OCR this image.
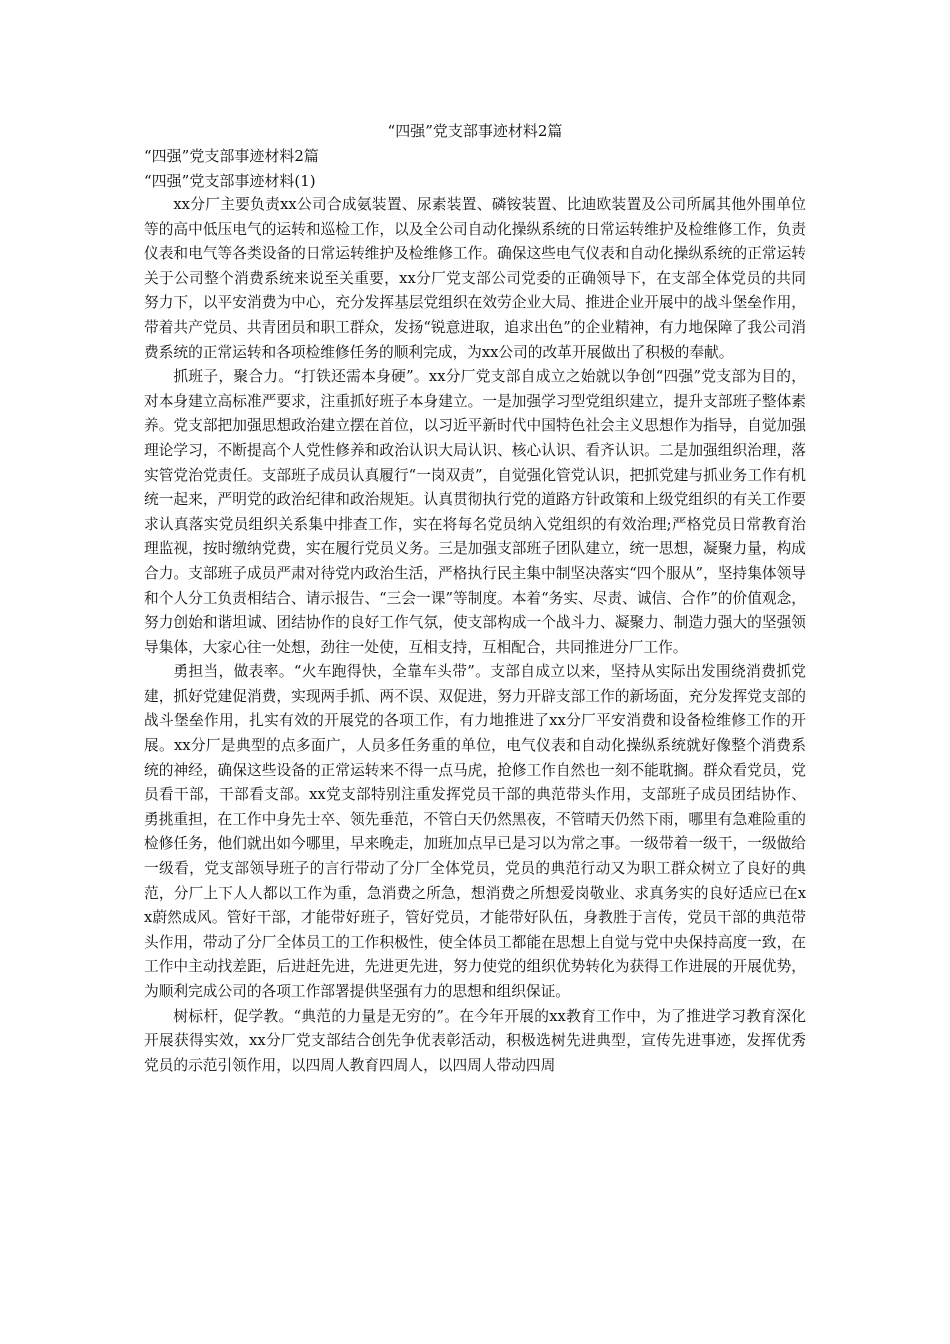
“四强”党支部事迹材料2篇
“四强”党支部事迹材料2篇
“四强”党支部事迹材料(1)

xx分厂主要负责xx公司合成氨装置、尿素装置、磷铵装置、比迪欧装置及公司所属其他外围单位等的高中低压电气的运转和巡检工作，以及全公司自动化操纵系统的日常运转维护及检维修工作，负责仪表和电气等各类设备的日常运转维护及检维修工作。确保这些电气仪表和自动化操纵系统的正常运转关于公司整个消费系统来说至关重要，xx分厂党支部公司党委的正确领导下，在支部全体党员的共同努力下，以平安消费为中心，充分发挥基层党组织在效劳企业大局、推进企业开展中的战斗堡垒作用，带着共产党员、共青团员和职工群众，发扬“锐意进取，追求出色”的企业精神，有力地保障了我公司消费系统的正常运转和各项检维修任务的顺利完成，为xx公司的改革开展做出了积极的奉献。

抓班子，聚合力。“打铁还需本身硬”。xx分厂党支部自成立之始就以争创“四强”党支部为目的，对本身建立高标准严要求，注重抓好班子本身建立。一是加强学习型党组织建立，提升支部班子整体素养。党支部把加强思想政治建立摆在首位，以习近平新时代中国特色社会主义思想作为指导，自觉加强理论学习，不断提高个人党性修养和政治认识大局认识、核心认识、看齐认识。二是加强组织治理，落实管党治党责任。支部班子成员认真履行“一岗双责”，自觉强化管党认识，把抓党建与抓业务工作有机统一起来，严明党的政治纪律和政治规矩。认真贯彻执行党的道路方针政策和上级党组织的有关工作要求认真落实党员组织关系集中排查工作，实在将每名党员纳入党组织的有效治理;严格党员日常教育治理监视，按时缴纳党费，实在履行党员义务。三是加强支部班子团队建立，统一思想，凝聚力量，构成合力。支部班子成员严肃对待党内政治生活，严格执行民主集中制坚决落实“四个服从”，坚持集体领导和个人分工负责相结合、请示报告、“三会一课”等制度。本着“务实、尽责、诚信、合作”的价值观念，努力创始和谐坦诚、团结协作的良好工作气氛，使支部构成一个战斗力、凝聚力、制造力强大的坚强领导集体，大家心往一处想，劲往一处使，互相支持，互相配合，共同推进分厂工作。

勇担当，做表率。“火车跑得快，全靠车头带”。支部自成立以来，坚持从实际出发围绕消费抓党建，抓好党建促消费，实现两手抓、两不误、双促进，努力开辟支部工作的新场面，充分发挥党支部的战斗堡垒作用，扎实有效的开展党的各项工作，有力地推进了xx分厂平安消费和设备检维修工作的开展。xx分厂是典型的点多面广，人员多任务重的单位，电气仪表和自动化操纵系统就好像整个消费系统的神经，确保这些设备的正常运转来不得一点马虎，抢修工作自然也一刻不能耽搁。群众看党员，党员看干部，干部看支部。xx党支部特别注重发挥党员干部的典范带头作用，支部班子成员团结协作、勇挑重担，在工作中身先士卒、领先垂范，不管白天仍然黑夜，不管晴天仍然下雨，哪里有急难险重的检修任务，他们就出如今哪里，早来晚走，加班加点早已是习以为常之事。一级带着一级干，一级做给一级看，党支部领导班子的言行带动了分厂全体党员，党员的典范行动又为职工群众树立了良好的典范，分厂上下人人都以工作为重，急消费之所急，想消费之所想爱岗敬业、求真务实的良好适应已在xx蔚然成风。管好干部，才能带好班子，管好党员，才能带好队伍，身教胜于言传，党员干部的典范带头作用，带动了分厂全体员工的工作积极性，使全体员工都能在思想上自觉与党中央保持高度一致，在工作中主动找差距，后进赶先进，先进更先进，努力使党的组织优势转化为获得工作进展的开展优势，为顺利完成公司的各项工作部署提供坚强有力的思想和组织保证。

树标杆，促学教。“典范的力量是无穷的”。在今年开展的xx教育工作中，为了推进学习教育深化开展获得实效，xx分厂党支部结合创先争优表彰活动，积极选树先进典型，宣传先进事迹，发挥优秀党员的示范引领作用，以四周人教育四周人，以四周人带动四周
